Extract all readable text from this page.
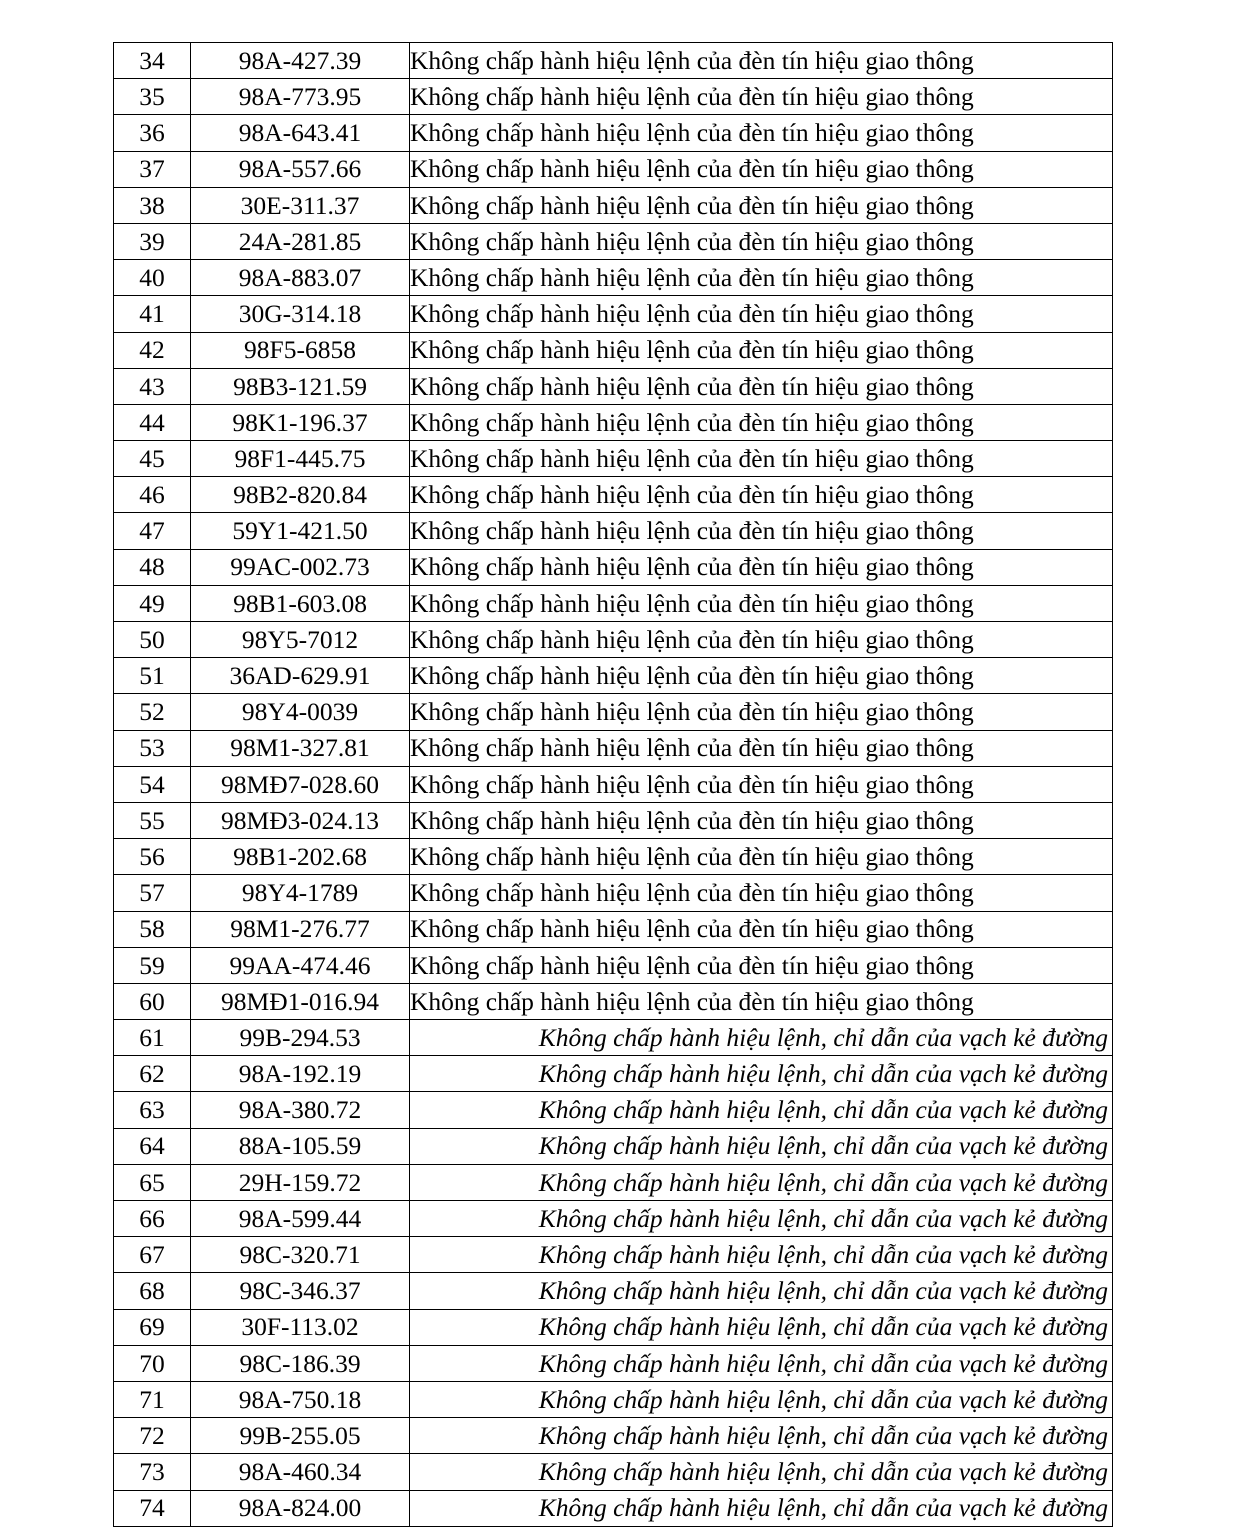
34	98A-427.39	Không chấp hành hiệu lệnh của đèn tín hiệu giao thông
35	98A-773.95	Không chấp hành hiệu lệnh của đèn tín hiệu giao thông
36	98A-643.41	Không chấp hành hiệu lệnh của đèn tín hiệu giao thông
37	98A-557.66	Không chấp hành hiệu lệnh của đèn tín hiệu giao thông
38	30E-311.37	Không chấp hành hiệu lệnh của đèn tín hiệu giao thông
39	24A-281.85	Không chấp hành hiệu lệnh của đèn tín hiệu giao thông
40	98A-883.07	Không chấp hành hiệu lệnh của đèn tín hiệu giao thông
41	30G-314.18	Không chấp hành hiệu lệnh của đèn tín hiệu giao thông
42	98F5-6858	Không chấp hành hiệu lệnh của đèn tín hiệu giao thông
43	98B3-121.59	Không chấp hành hiệu lệnh của đèn tín hiệu giao thông
44	98K1-196.37	Không chấp hành hiệu lệnh của đèn tín hiệu giao thông
45	98F1-445.75	Không chấp hành hiệu lệnh của đèn tín hiệu giao thông
46	98B2-820.84	Không chấp hành hiệu lệnh của đèn tín hiệu giao thông
47	59Y1-421.50	Không chấp hành hiệu lệnh của đèn tín hiệu giao thông
48	99AC-002.73	Không chấp hành hiệu lệnh của đèn tín hiệu giao thông
49	98B1-603.08	Không chấp hành hiệu lệnh của đèn tín hiệu giao thông
50	98Y5-7012	Không chấp hành hiệu lệnh của đèn tín hiệu giao thông
51	36AD-629.91	Không chấp hành hiệu lệnh của đèn tín hiệu giao thông
52	98Y4-0039	Không chấp hành hiệu lệnh của đèn tín hiệu giao thông
53	98M1-327.81	Không chấp hành hiệu lệnh của đèn tín hiệu giao thông
54	98MĐ7-028.60	Không chấp hành hiệu lệnh của đèn tín hiệu giao thông
55	98MĐ3-024.13	Không chấp hành hiệu lệnh của đèn tín hiệu giao thông
56	98B1-202.68	Không chấp hành hiệu lệnh của đèn tín hiệu giao thông
57	98Y4-1789	Không chấp hành hiệu lệnh của đèn tín hiệu giao thông
58	98M1-276.77	Không chấp hành hiệu lệnh của đèn tín hiệu giao thông
59	99AA-474.46	Không chấp hành hiệu lệnh của đèn tín hiệu giao thông
60	98MĐ1-016.94	Không chấp hành hiệu lệnh của đèn tín hiệu giao thông
61	99B-294.53	Không chấp hành hiệu lệnh, chỉ dẫn của vạch kẻ đường
62	98A-192.19	Không chấp hành hiệu lệnh, chỉ dẫn của vạch kẻ đường
63	98A-380.72	Không chấp hành hiệu lệnh, chỉ dẫn của vạch kẻ đường
64	88A-105.59	Không chấp hành hiệu lệnh, chỉ dẫn của vạch kẻ đường
65	29H-159.72	Không chấp hành hiệu lệnh, chỉ dẫn của vạch kẻ đường
66	98A-599.44	Không chấp hành hiệu lệnh, chỉ dẫn của vạch kẻ đường
67	98C-320.71	Không chấp hành hiệu lệnh, chỉ dẫn của vạch kẻ đường
68	98C-346.37	Không chấp hành hiệu lệnh, chỉ dẫn của vạch kẻ đường
69	30F-113.02	Không chấp hành hiệu lệnh, chỉ dẫn của vạch kẻ đường
70	98C-186.39	Không chấp hành hiệu lệnh, chỉ dẫn của vạch kẻ đường
71	98A-750.18	Không chấp hành hiệu lệnh, chỉ dẫn của vạch kẻ đường
72	99B-255.05	Không chấp hành hiệu lệnh, chỉ dẫn của vạch kẻ đường
73	98A-460.34	Không chấp hành hiệu lệnh, chỉ dẫn của vạch kẻ đường
74	98A-824.00	Không chấp hành hiệu lệnh, chỉ dẫn của vạch kẻ đường
